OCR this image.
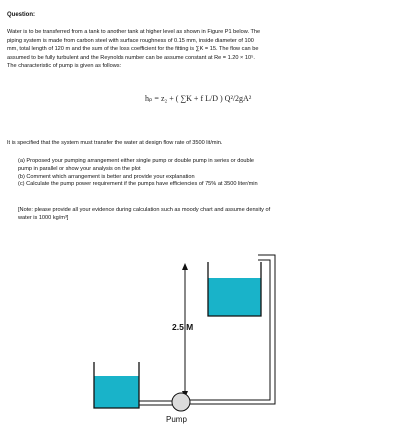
Question:
Water is to be transferred from a tank to another tank at higher level as shown in Figure P1 below. The
piping system is made from carbon steel with surface roughness of 0.15 mm, inside diameter of 100
mm, total length of 120 m and the sum of the loss coefficient for the fitting is ∑K = 15. The flow can be
assumed to be fully turbulent and the Reynolds number can be assume constant at Re = 1.20 × 10⁵.
The characteristic of pump is given as follows:
hₚ = z₂ + ( ∑K + f L/D ) Q²/2gA²
It is specified that the system must transfer the water at design flow rate of 3500 lit/min.
(a) Proposed your pumping arrangement either single pump or double pump in series or double
pump in parallel or show your analysis on the plot
(b) Comment which arrangement is better and provide your explanation
(c) Calculate the pump power requirement if the pumps have efficiencies of 75% at 3500 liter/min
[Note: please provide all your evidence during calculation such as moody chart and assume density of
water is 1000 kg/m³]
2.5 M
Pump
